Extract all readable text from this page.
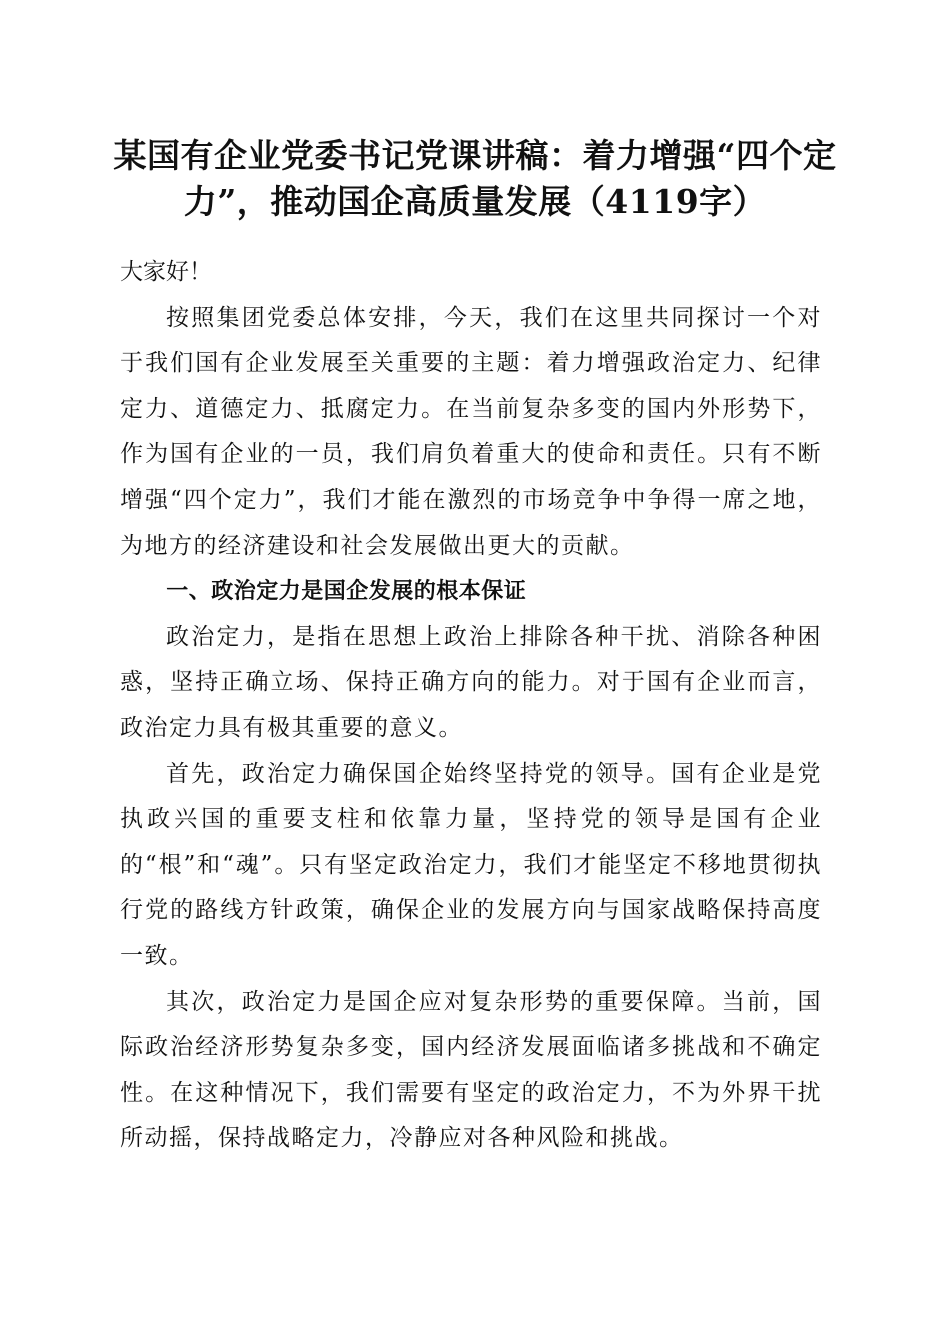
某国有企业党委书记党课讲稿：着力增强“四个定力”，推动国企高质量发展（4119字）

大家好！

按照集团党委总体安排，今天，我们在这里共同探讨一个对于我们国有企业发展至关重要的主题：着力增强政治定力、纪律定力、道德定力、抵腐定力。在当前复杂多变的国内外形势下，作为国有企业的一员，我们肩负着重大的使命和责任。只有不断增强“四个定力”，我们才能在激烈的市场竞争中争得一席之地，为地方的经济建设和社会发展做出更大的贡献。

一、政治定力是国企发展的根本保证

政治定力，是指在思想上政治上排除各种干扰、消除各种困惑，坚持正确立场、保持正确方向的能力。对于国有企业而言，政治定力具有极其重要的意义。

首先，政治定力确保国企始终坚持党的领导。国有企业是党执政兴国的重要支柱和依靠力量，坚持党的领导是国有企业的“根”和“魂”。只有坚定政治定力，我们才能坚定不移地贯彻执行党的路线方针政策，确保企业的发展方向与国家战略保持高度一致。

其次，政治定力是国企应对复杂形势的重要保障。当前，国际政治经济形势复杂多变，国内经济发展面临诸多挑战和不确定性。在这种情况下，我们需要有坚定的政治定力，不为外界干扰所动摇，保持战略定力，冷静应对各种风险和挑战。
